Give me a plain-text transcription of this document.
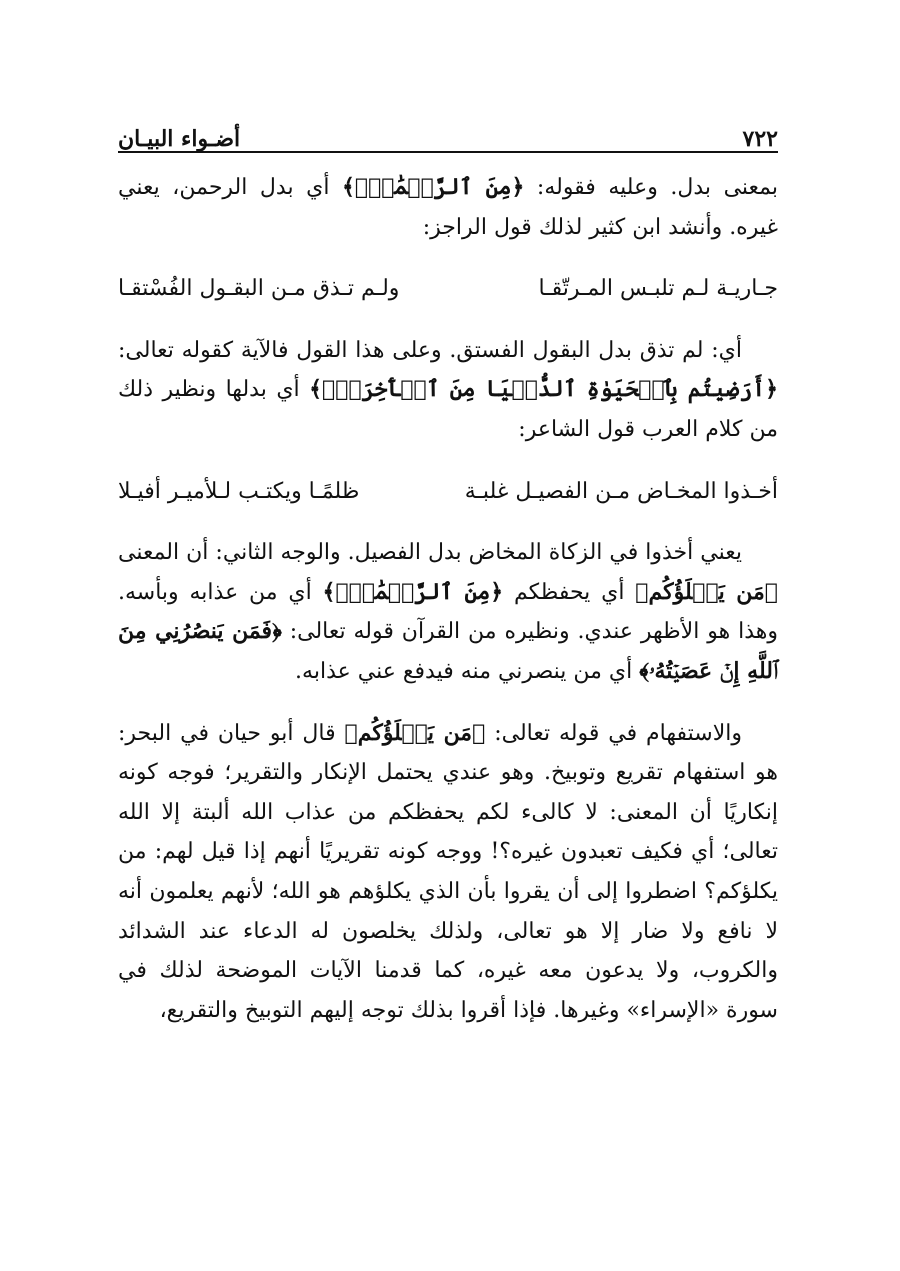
٧٢٢
أضـواء البيـان

بمعنى بدل. وعليه فقوله: ﴿مِنَ ٱلرَّحۡمَٰنِۗ﴾ أي بدل الرحمن، يعني غيره. وأنشد ابن كثير لذلك قول الراجز:

جـاريـة لـم تلبـس المـرتّقـا
ولـم تـذق مـن البقـول الفُسْتقـا

أي: لم تذق بدل البقول الفستق. وعلى هذا القول فالآية كقوله تعالى: ﴿أَرَضِيتُم بِٱلۡحَيَوٰةِ ٱلدُّنۡيَا مِنَ ٱلۡأٓخِرَةِۚ﴾ أي بدلها ونظير ذلك من كلام العرب قول الشاعر:

أخـذوا المخـاض مـن الفصيـل غلبـة
ظلمًـا ويكتـب لـلأميـر أفيـلا

يعني أخذوا في الزكاة المخاض بدل الفصيل. والوجه الثاني: أن المعنى ﴿مَن يَكۡلَؤُكُم﴾ أي يحفظكم ﴿مِنَ ٱلرَّحۡمَٰنِۗ﴾ أي من عذابه وبأسه. وهذا هو الأظهر عندي. ونظيره من القرآن قوله تعالى: ﴿فَمَن يَنصُرُنِي مِنَ ٱللَّهِ إِنۡ عَصَيۡتُهُۥ﴾ أي من ينصرني منه فيدفع عني عذابه.

والاستفهام في قوله تعالى: ﴿مَن يَكۡلَؤُكُم﴾ قال أبو حيان في البحر: هو استفهام تقريع وتوبيخ. وهو عندي يحتمل الإنكار والتقرير؛ فوجه كونه إنكاريًا أن المعنى: لا كالىء لكم يحفظكم من عذاب الله ألبتة إلا الله تعالى؛ أي فكيف تعبدون غيره؟! ووجه كونه تقريريًا أنهم إذا قيل لهم: من يكلؤكم؟ اضطروا إلى أن يقروا بأن الذي يكلؤهم هو الله؛ لأنهم يعلمون أنه لا نافع ولا ضار إلا هو تعالى، ولذلك يخلصون له الدعاء عند الشدائد والكروب، ولا يدعون معه غيره، كما قدمنا الآيات الموضحة لذلك في سورة «الإسراء» وغيرها. فإذا أقروا بذلك توجه إليهم التوبيخ والتقريع،
